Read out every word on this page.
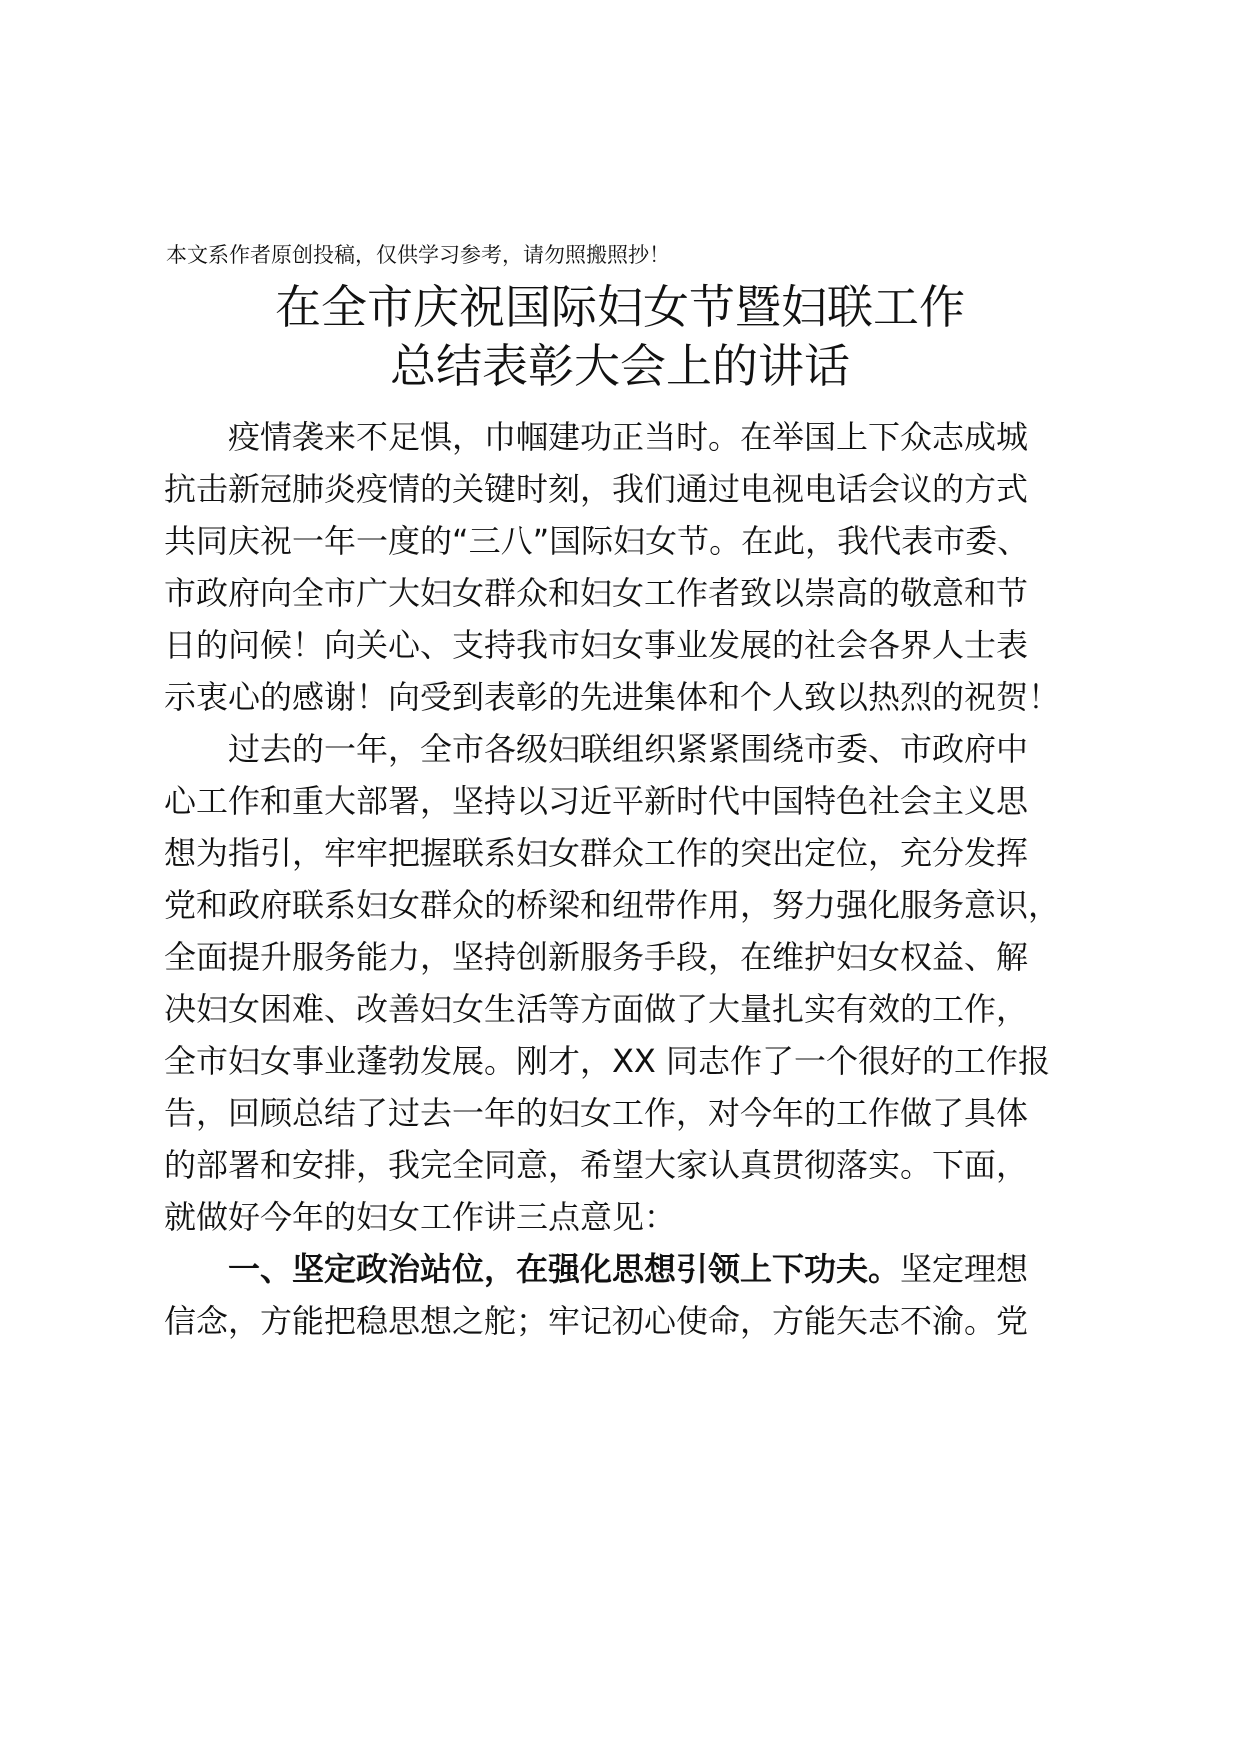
本文系作者原创投稿，仅供学习参考，请勿照搬照抄！
在全市庆祝国际妇女节暨妇联工作
总结表彰大会上的讲话
疫情袭来不足惧，巾帼建功正当时。在举国上下众志成城
抗击新冠肺炎疫情的关键时刻，我们通过电视电话会议的方式
共同庆祝一年一度的“三八”国际妇女节。在此，我代表市委、
市政府向全市广大妇女群众和妇女工作者致以崇高的敬意和节
日的问候！向关心、支持我市妇女事业发展的社会各界人士表
示衷心的感谢！向受到表彰的先进集体和个人致以热烈的祝贺！
过去的一年，全市各级妇联组织紧紧围绕市委、市政府中
心工作和重大部署，坚持以习近平新时代中国特色社会主义思
想为指引，牢牢把握联系妇女群众工作的突出定位，充分发挥
党和政府联系妇女群众的桥梁和纽带作用，努力强化服务意识，
全面提升服务能力，坚持创新服务手段，在维护妇女权益、解
决妇女困难、改善妇女生活等方面做了大量扎实有效的工作，
全市妇女事业蓬勃发展。刚才，XX 同志作了一个很好的工作报
告，回顾总结了过去一年的妇女工作，对今年的工作做了具体
的部署和安排，我完全同意，希望大家认真贯彻落实。下面，
就做好今年的妇女工作讲三点意见：
一、坚定政治站位，在强化思想引领上下功夫。坚定理想
信念，方能把稳思想之舵；牢记初心使命，方能矢志不渝。党
